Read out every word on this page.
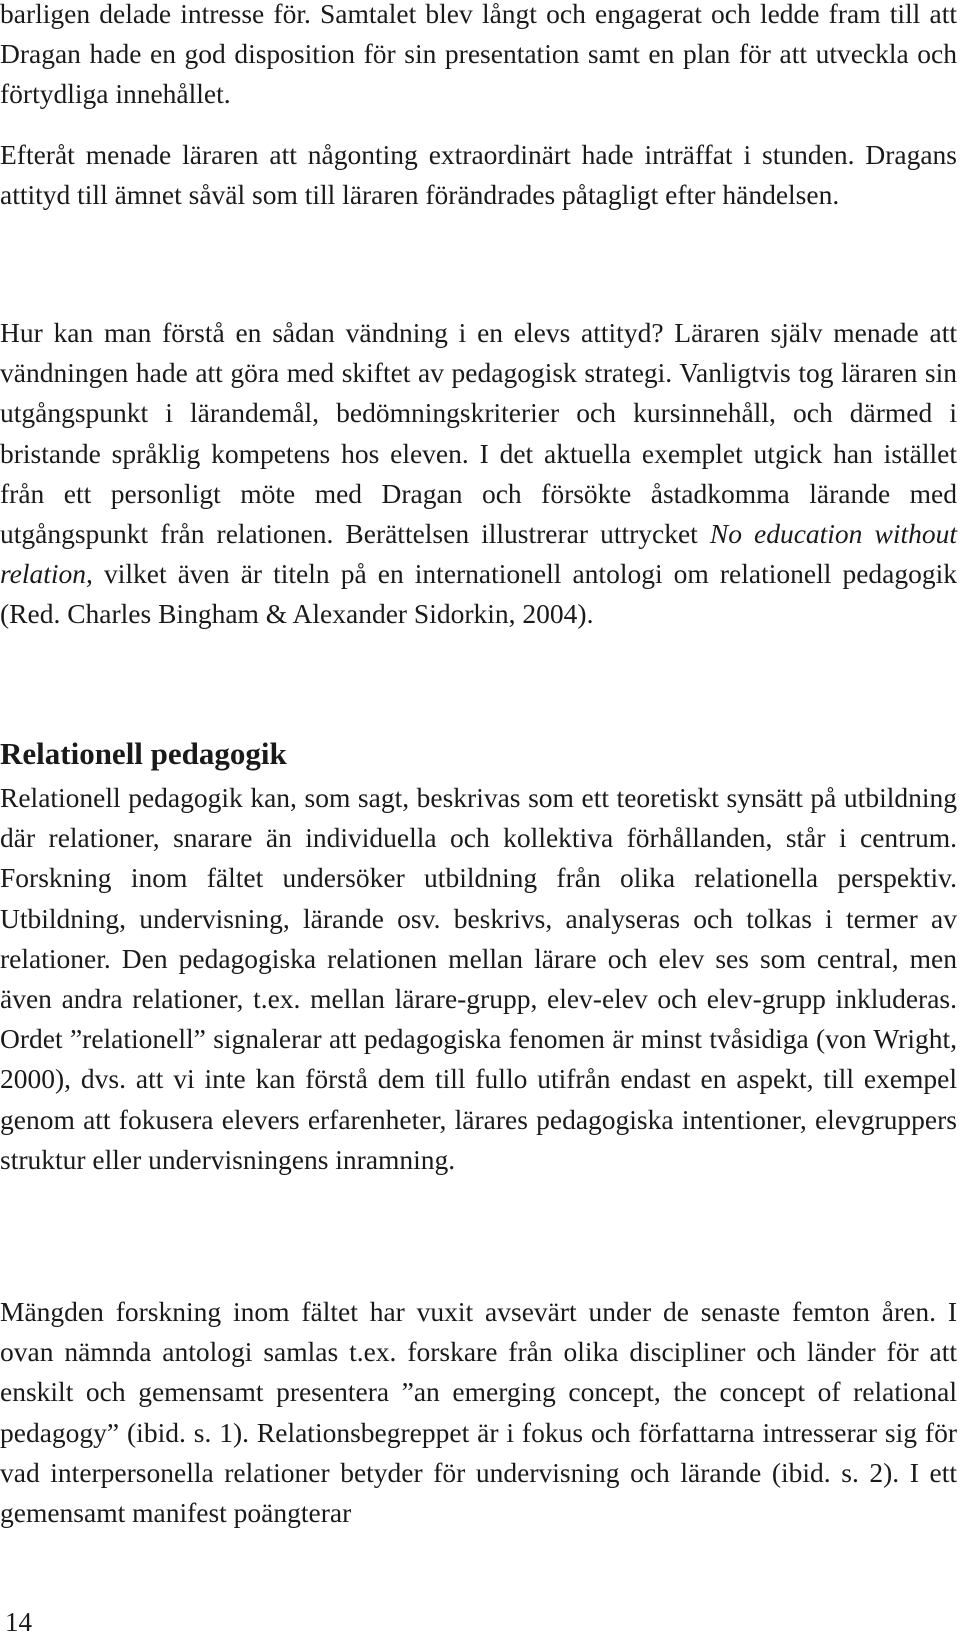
barligen delade intresse för. Samtalet blev långt och engagerat och ledde fram till att Dragan hade en god disposition för sin presentation samt en plan för att utveckla och förtydliga innehållet.

Efteråt menade läraren att någonting extraordinärt hade inträffat i stunden. Dragans attityd till ämnet såväl som till läraren förändrades påtagligt efter händelsen.

Hur kan man förstå en sådan vändning i en elevs attityd? Läraren själv menade att vändningen hade att göra med skiftet av pedagogisk strategi. Vanligtvis tog läraren sin utgångspunkt i lärandemål, bedömningskriterier och kursinnehåll, och därmed i bristande språklig kompetens hos eleven. I det aktuella exemplet utgick han istället från ett personligt möte med Dragan och försökte åstadkomma lärande med utgångspunkt från relationen. Berättelsen illustrerar uttrycket No education without relation, vilket även är titeln på en internationell antologi om relationell pedagogik (Red. Charles Bingham & Alexander Sidorkin, 2004).

Relationell pedagogik

Relationell pedagogik kan, som sagt, beskrivas som ett teoretiskt synsätt på utbildning där relationer, snarare än individuella och kollektiva förhållanden, står i centrum. Forskning inom fältet undersöker utbildning från olika relationella perspektiv. Utbildning, undervisning, lärande osv. beskrivs, analyseras och tolkas i termer av relationer. Den pedagogiska relationen mellan lärare och elev ses som central, men även andra relationer, t.ex. mellan lärare-grupp, elev-elev och elev-grupp inkluderas. Ordet ”relationell” signalerar att pedagogiska fenomen är minst tvåsidiga (von Wright, 2000), dvs. att vi inte kan förstå dem till fullo utifrån endast en aspekt, till exempel genom att fokusera elevers erfarenheter, lärares pedagogiska intentioner, elevgruppers struktur eller undervisningens inramning.

Mängden forskning inom fältet har vuxit avsevärt under de senaste femton åren. I ovan nämnda antologi samlas t.ex. forskare från olika discipliner och länder för att enskilt och gemensamt presentera ”an emerging concept, the concept of relational pedagogy” (ibid. s. 1). Relationsbegreppet är i fokus och författarna intresserar sig för vad interpersonella relationer betyder för undervisning och lärande (ibid. s. 2). I ett gemensamt manifest poängterar

14
